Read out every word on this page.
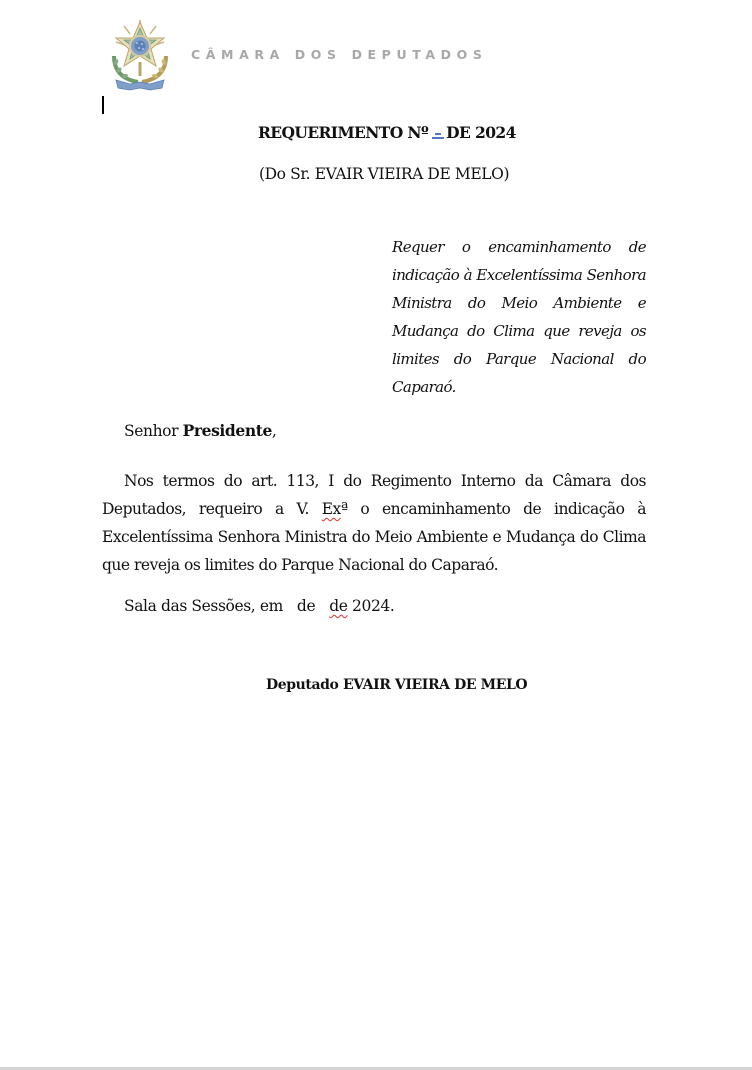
CÂMARA DOS DEPUTADOS
REQUERIMENTO Nº DE 2024
(Do Sr. EVAIR VIEIRA DE MELO)

Requer o encaminhamento de indicação à Excelentíssima Senhora Ministra do Meio Ambiente e Mudança do Clima que reveja os limites do Parque Nacional do Caparaó.

Senhor Presidente,

Nos termos do art. 113, I do Regimento Interno da Câmara dos Deputados, requeiro a V. Exª o encaminhamento de indicação à Excelentíssima Senhora Ministra do Meio Ambiente e Mudança do Clima que reveja os limites do Parque Nacional do Caparaó.

Sala das Sessões, em de de 2024.
Deputado EVAIR VIEIRA DE MELO
